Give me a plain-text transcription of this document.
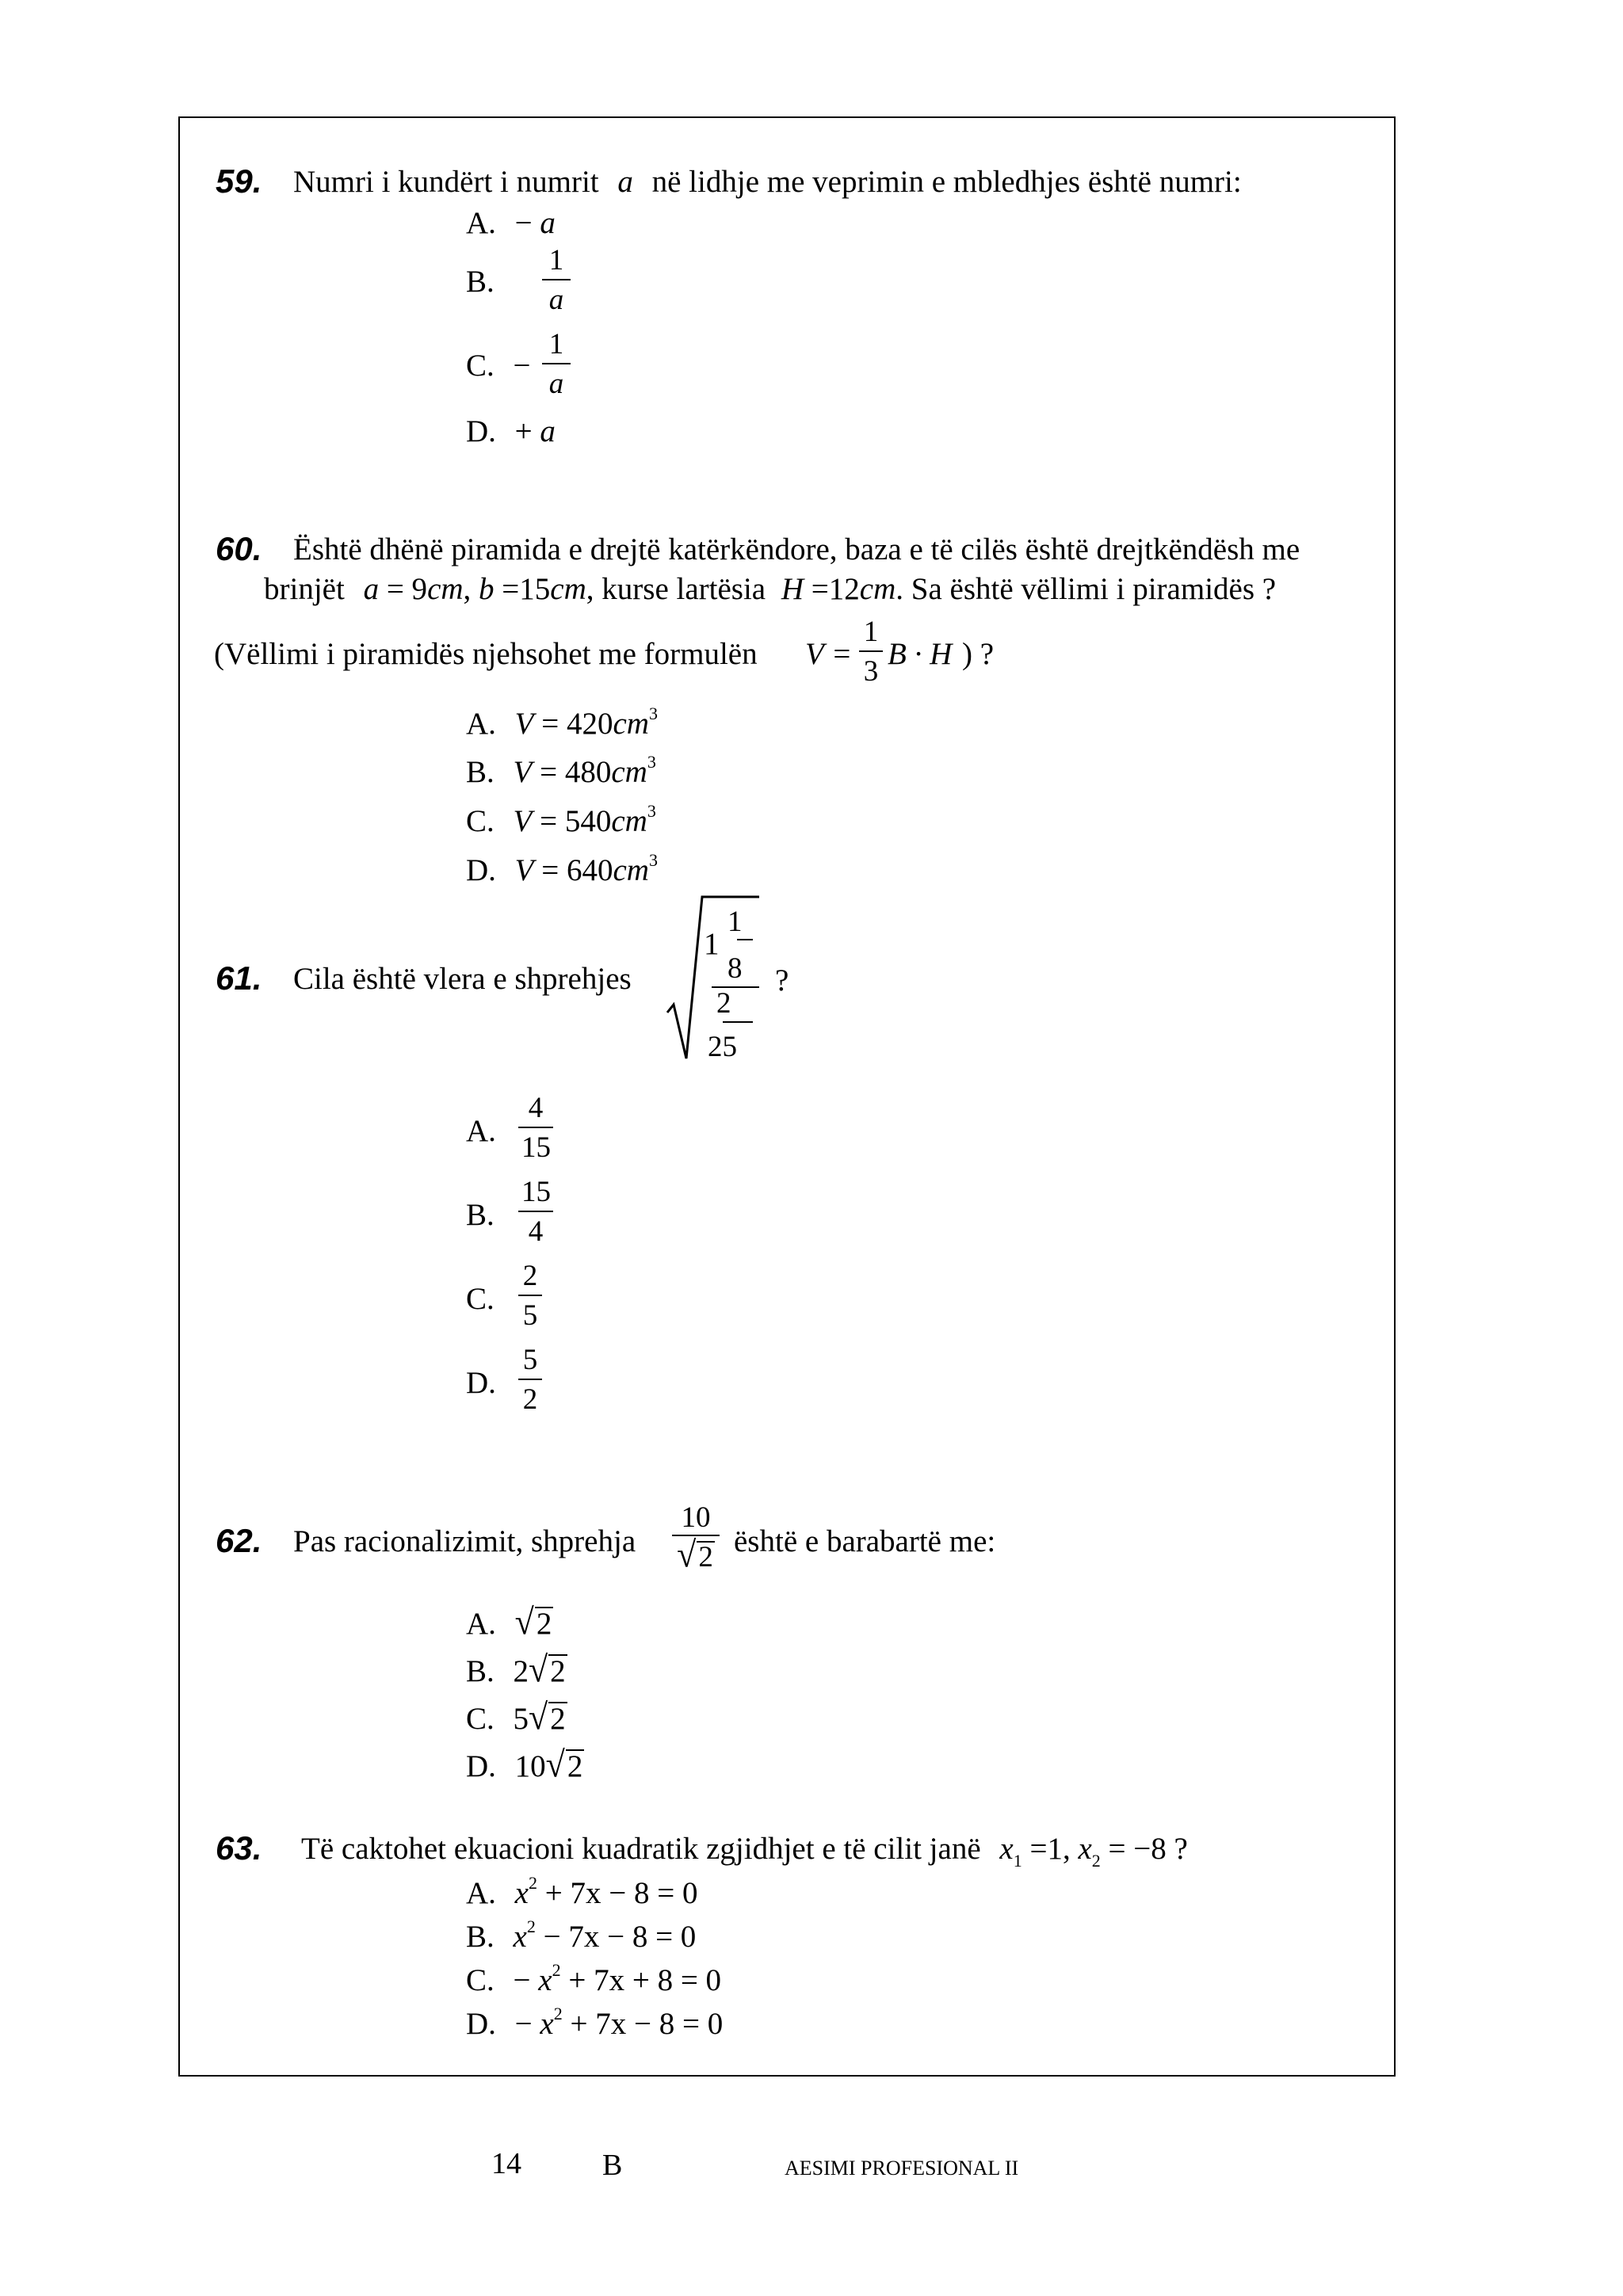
59. Numri i kundërt i numrit a në lidhje me veprimin e mbledhjes është numri:
A. − a
B.
1
a
C. −
1
a
D. + a
60. Është dhënë piramida e drejtë katërkëndore, baza e të cilës është drejtkëndësh me
brinjët a = 9cm, b =15cm, kurse lartësia H =12cm. Sa është vëllimi i piramidës ?
(Vëllimi i piramidës njehsohet me formulën V =
1
3
B · H ) ?
A. $V = 420cm^3$
B. $V = 480cm^3$
C. $V = 540cm^3$
D. $V = 640cm^3$
61. Cila është vlera e shprehjes
1
1
8
2
25
?
A.
4
15
B.
15
4
C.
2
5
D.
5
2
62. Pas racionalizimit, shprehja
10
√2 është e barabartë me:
A. √2
B. 2√2
C. 5√2
D. 10√2
63. Të caktohet ekuacioni kuadratik zgjidhjet e të cilit janë $x_1 =1$, $x_2 = -8$ ?
A. $x^2 + 7x - 8 = 0$
B. $x^2 - 7x - 8 = 0$
C. − $x^2 + 7x + 8 = 0$
D. − $x^2 + 7x - 8 = 0$
14	B	AESIMI PROFESIONAL II
